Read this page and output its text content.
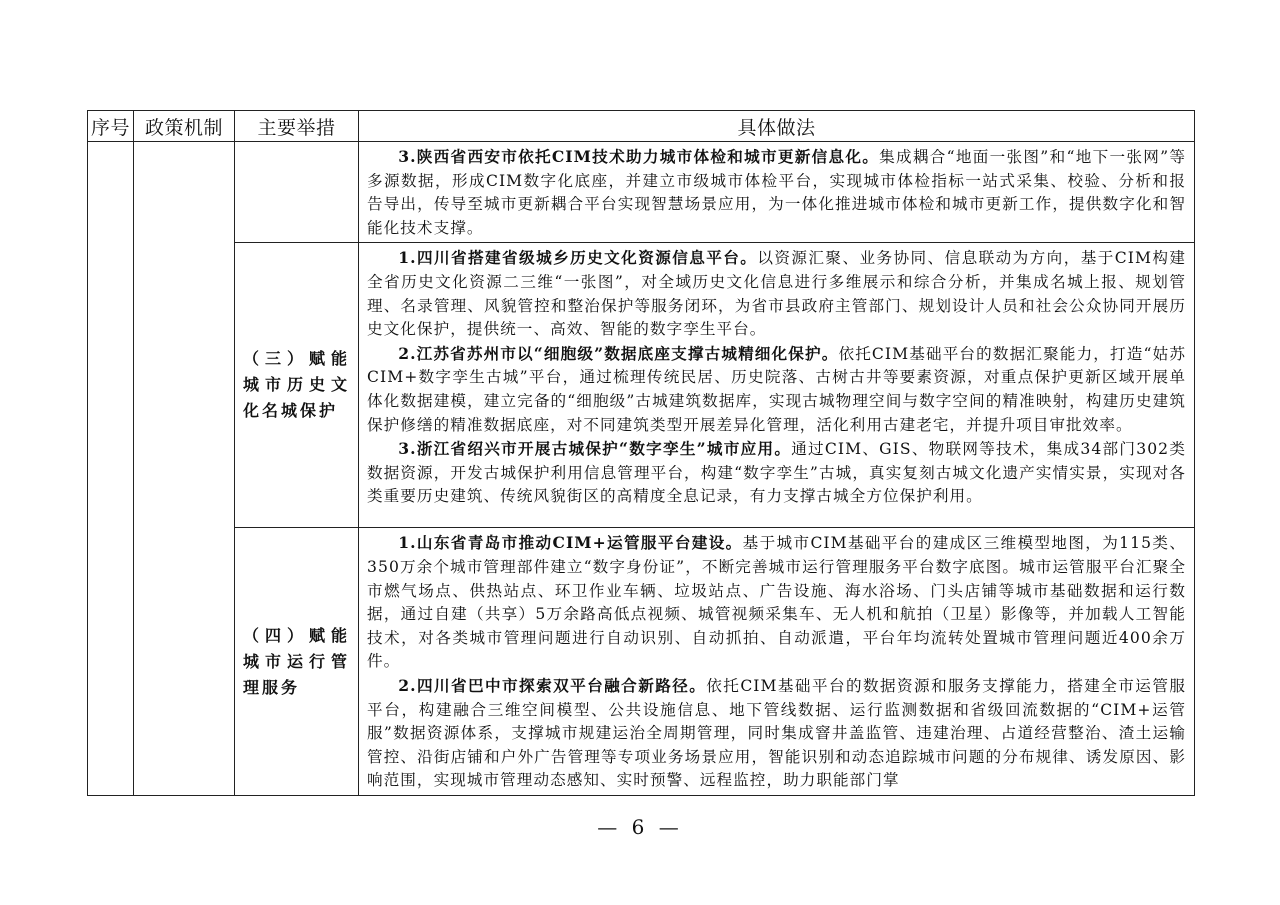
序号	政策机制	主要举措	具体做法

			3.陕西省西安市依托CIM技术助力城市体检和城市更新信息化。集成耦合“地面一张图”和“地下一张网”等多源数据，形成CIM数字化底座，并建立市级城市体检平台，实现城市体检指标一站式采集、校验、分析和报告导出，传导至城市更新耦合平台实现智慧场景应用，为一体化推进城市体检和城市更新工作，提供数字化和智能化技术支撑。

		（三）赋能城市历史文化名城保护	1.四川省搭建省级城乡历史文化资源信息平台。以资源汇聚、业务协同、信息联动为方向，基于CIM构建全省历史文化资源二三维“一张图”，对全域历史文化信息进行多维展示和综合分析，并集成名城上报、规划管理、名录管理、风貌管控和整治保护等服务闭环，为省市县政府主管部门、规划设计人员和社会公众协同开展历史文化保护，提供统一、高效、智能的数字孪生平台。

2.江苏省苏州市以“细胞级”数据底座支撑古城精细化保护。依托CIM基础平台的数据汇聚能力，打造“姑苏CIM+数字孪生古城”平台，通过梳理传统民居、历史院落、古树古井等要素资源，对重点保护更新区域开展单体化数据建模，建立完备的“细胞级”古城建筑数据库，实现古城物理空间与数字空间的精准映射，构建历史建筑保护修缮的精准数据底座，对不同建筑类型开展差异化管理，活化利用古建老宅，并提升项目审批效率。

3.浙江省绍兴市开展古城保护“数字孪生”城市应用。通过CIM、GIS、物联网等技术，集成34部门302类数据资源，开发古城保护利用信息管理平台，构建“数字孪生”古城，真实复刻古城文化遗产实情实景，实现对各类重要历史建筑、传统风貌街区的高精度全息记录，有力支撑古城全方位保护利用。

		（四）赋能城市运行管理服务	1.山东省青岛市推动CIM+运管服平台建设。基于城市CIM基础平台的建成区三维模型地图，为115类、350万余个城市管理部件建立“数字身份证”，不断完善城市运行管理服务平台数字底图。城市运管服平台汇聚全市燃气场点、供热站点、环卫作业车辆、垃圾站点、广告设施、海水浴场、门头店铺等城市基础数据和运行数据，通过自建（共享）5万余路高低点视频、城管视频采集车、无人机和航拍（卫星）影像等，并加载人工智能技术，对各类城市管理问题进行自动识别、自动抓拍、自动派遣，平台年均流转处置城市管理问题近400余万件。

2.四川省巴中市探索双平台融合新路径。依托CIM基础平台的数据资源和服务支撑能力，搭建全市运管服平台，构建融合三维空间模型、公共设施信息、地下管线数据、运行监测数据和省级回流数据的“CIM+运管服”数据资源体系，支撑城市规建运治全周期管理，同时集成窨井盖监管、违建治理、占道经营整治、渣土运输管控、沿街店铺和户外广告管理等专项业务场景应用，智能识别和动态追踪城市问题的分布规律、诱发原因、影响范围，实现城市管理动态感知、实时预警、远程监控，助力职能部门掌

— 6 —
